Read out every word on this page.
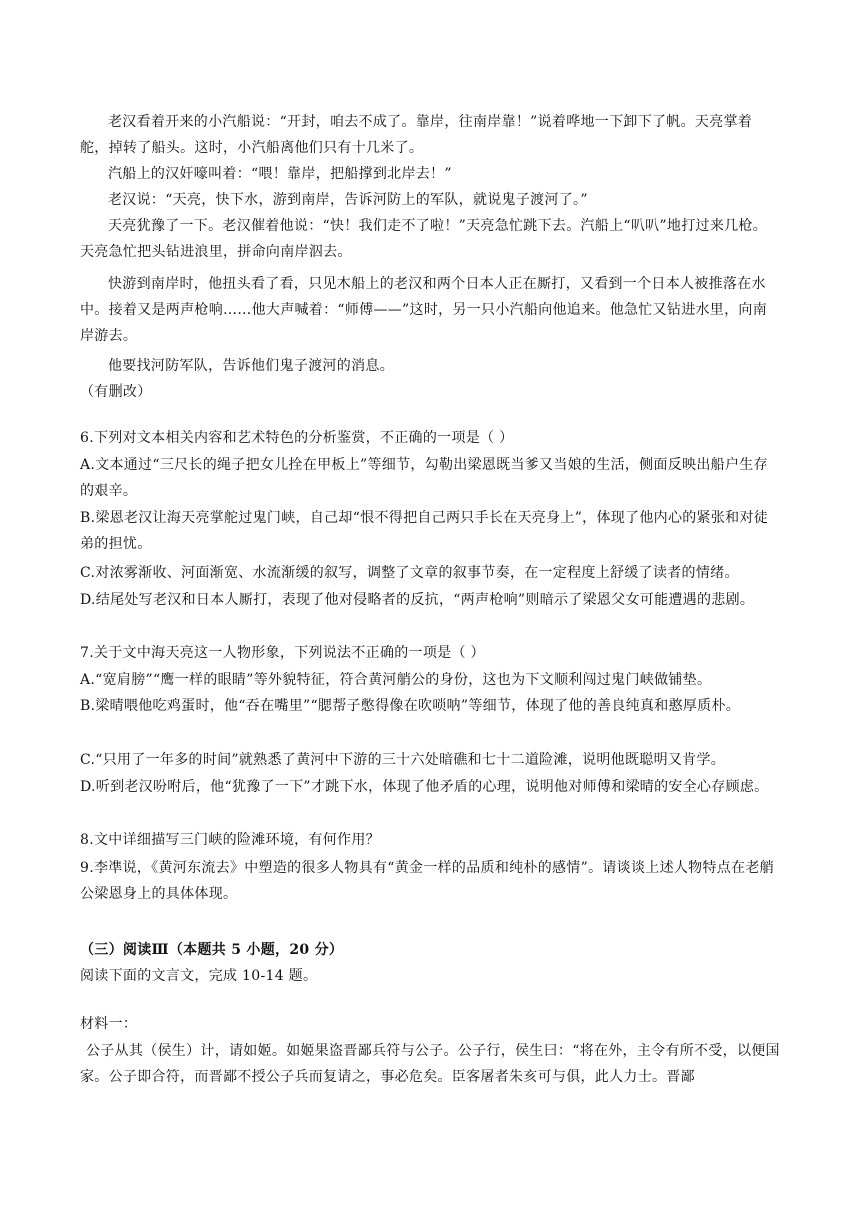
老汉看着开来的小汽船说：“开封，咱去不成了。靠岸，往南岸靠！”说着哗地一下卸下了帆。天亮掌着舵，掉转了船头。这时，小汽船离他们只有十几米了。

汽船上的汉奸嚎叫着：“喂！靠岸，把船撑到北岸去！”

老汉说：“天亮，快下水，游到南岸，告诉河防上的军队，就说鬼子渡河了。”

天亮犹豫了一下。老汉催着他说：“快！我们走不了啦！”天亮急忙跳下去。汽船上“叭叭”地打过来几枪。天亮急忙把头钻进浪里，拼命向南岸泅去。

快游到南岸时，他扭头看了看，只见木船上的老汉和两个日本人正在厮打，又看到一个日本人被推落在水中。接着又是两声枪响……他大声喊着：“师傅——”这时，另一只小汽船向他追来。他急忙又钻进水里，向南岸游去。

他要找河防军队，告诉他们鬼子渡河的消息。

（有删改）

6.下列对文本相关内容和艺术特色的分析鉴赏，不正确的一项是（ ）

A.文本通过“三尺长的绳子把女儿拴在甲板上”等细节，勾勒出梁恩既当爹又当娘的生活，侧面反映出船户生存的艰辛。

B.梁恩老汉让海天亮掌舵过鬼门峡，自己却“恨不得把自己两只手长在天亮身上”，体现了他内心的紧张和对徒弟的担忧。

C.对浓雾渐收、河面渐宽、水流渐缓的叙写，调整了文章的叙事节奏，在一定程度上舒缓了读者的情绪。

D.结尾处写老汉和日本人厮打，表现了他对侵略者的反抗，“两声枪响”则暗示了梁恩父女可能遭遇的悲剧。

7.关于文中海天亮这一人物形象，下列说法不正确的一项是（ ）

A.“宽肩膀”“鹰一样的眼睛”等外貌特征，符合黄河艄公的身份，这也为下文顺利闯过鬼门峡做铺垫。

B.梁晴喂他吃鸡蛋时，他“吞在嘴里”“腮帮子憋得像在吹唢呐”等细节，体现了他的善良纯真和憨厚质朴。

C.“只用了一年多的时间”就熟悉了黄河中下游的三十六处暗礁和七十二道险滩，说明他既聪明又肯学。

D.听到老汉吩咐后，他“犹豫了一下”才跳下水，体现了他矛盾的心理，说明他对师傅和梁晴的安全心存顾虑。

8.文中详细描写三门峡的险滩环境，有何作用？

9.李凖说，《黄河东流去》中塑造的很多人物具有“黄金一样的品质和纯朴的感情”。请谈谈上述人物特点在老艄公梁恩身上的具体体现。

（三）阅读Ⅲ（本题共 5 小题，20 分）

阅读下面的文言文，完成 10-14 题。

材料一：

公子从其（侯生）计，请如姬。如姬果盗晋鄙兵符与公子。公子行，侯生曰：“将在外，主令有所不受，以便国家。公子即合符，而晋鄙不授公子兵而复请之，事必危矣。臣客屠者朱亥可与俱，此人力士。晋鄙
